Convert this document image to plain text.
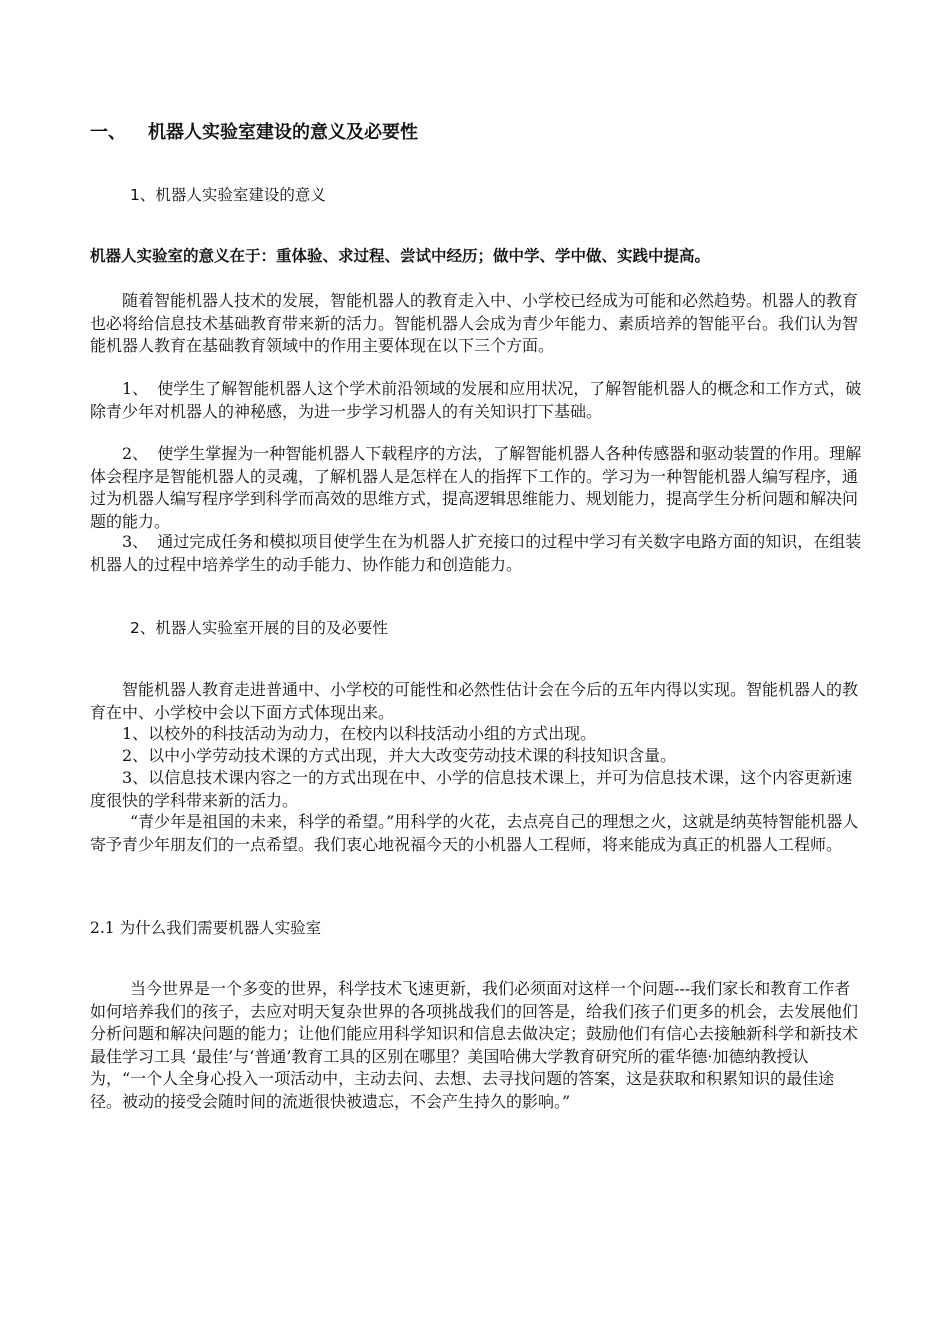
一、 机器人实验室建设的意义及必要性

1、机器人实验室建设的意义

机器人实验室的意义在于：重体验、求过程、尝试中经历；做中学、学中做、实践中提高。

随着智能机器人技术的发展，智能机器人的教育走入中、小学校已经成为可能和必然趋势。机器人的教育也必将给信息技术基础教育带来新的活力。智能机器人会成为青少年能力、素质培养的智能平台。我们认为智能机器人教育在基础教育领域中的作用主要体现在以下三个方面。

1、 使学生了解智能机器人这个学术前沿领域的发展和应用状况，了解智能机器人的概念和工作方式，破除青少年对机器人的神秘感，为进一步学习机器人的有关知识打下基础。

2、 使学生掌握为一种智能机器人下载程序的方法，了解智能机器人各种传感器和驱动装置的作用。理解体会程序是智能机器人的灵魂，了解机器人是怎样在人的指挥下工作的。学习为一种智能机器人编写程序，通过为机器人编写程序学到科学而高效的思维方式，提高逻辑思维能力、规划能力，提高学生分析问题和解决问题的能力。

3、 通过完成任务和模拟项目使学生在为机器人扩充接口的过程中学习有关数字电路方面的知识，在组装机器人的过程中培养学生的动手能力、协作能力和创造能力。

2、机器人实验室开展的目的及必要性

智能机器人教育走进普通中、小学校的可能性和必然性估计会在今后的五年内得以实现。智能机器人的教育在中、小学校中会以下面方式体现出来。

1、以校外的科技活动为动力，在校内以科技活动小组的方式出现。

2、以中小学劳动技术课的方式出现，并大大改变劳动技术课的科技知识含量。

3、以信息技术课内容之一的方式出现在中、小学的信息技术课上，并可为信息技术课，这个内容更新速度很快的学科带来新的活力。

“青少年是祖国的未来，科学的希望。”用科学的火花，去点亮自己的理想之火，这就是纳英特智能机器人寄予青少年朋友们的一点希望。我们衷心地祝福今天的小机器人工程师，将来能成为真正的机器人工程师。

2.1 为什么我们需要机器人实验室

当今世界是一个多变的世界，科学技术飞速更新，我们必须面对这样一个问题---我们家长和教育工作者如何培养我们的孩子，去应对明天复杂世界的各项挑战我们的回答是，给我们孩子们更多的机会，去发展他们分析问题和解决问题的能力；让他们能应用科学知识和信息去做决定；鼓励他们有信心去接触新科学和新技术最佳学习工具 ‘最佳’与‘普通’教育工具的区别在哪里？美国哈佛大学教育研究所的霍华德·加德纳教授认为，“一个人全身心投入一项活动中，主动去问、去想、去寻找问题的答案，这是获取和积累知识的最佳途径。被动的接受会随时间的流逝很快被遗忘，不会产生持久的影响。”
